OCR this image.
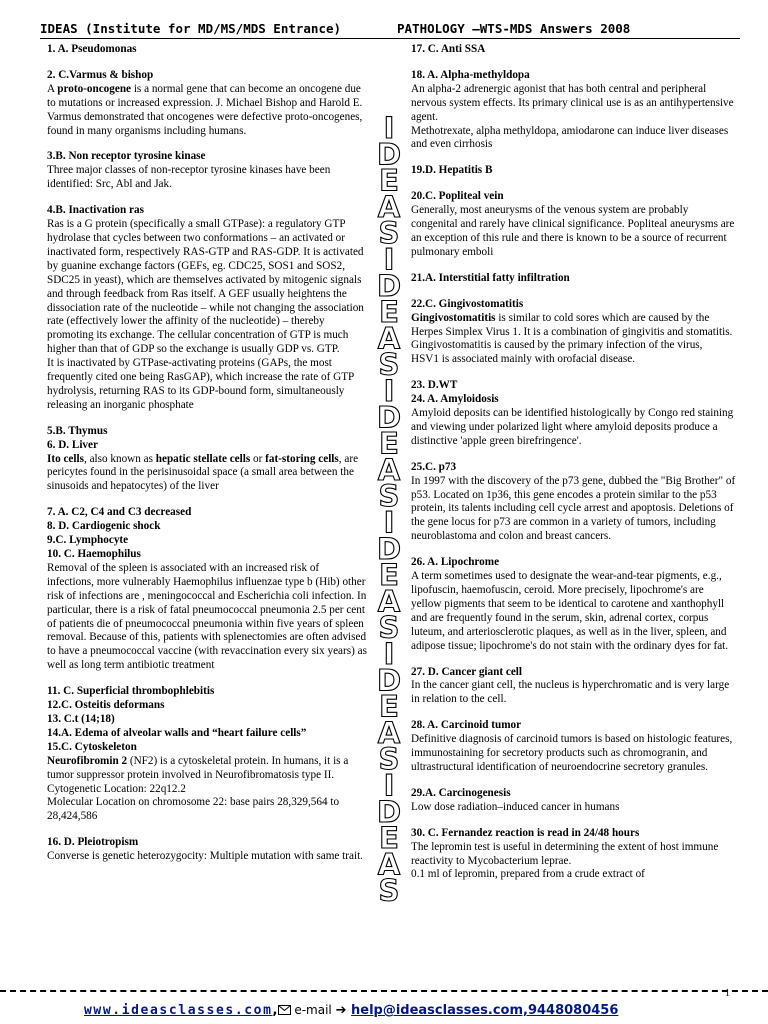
IDEAS (Institute for MD/MS/MDS Entrance)	PATHOLOGY –WTS-MDS Answers 2008
1. A. Pseudomonas
2. C.Varmus & bishop
A proto-oncogene is a normal gene that can become an oncogene due to mutations or increased expression. J. Michael Bishop and Harold E. Varmus demonstrated that oncogenes were defective proto-oncogenes, found in many organisms including humans.
3.B. Non receptor tyrosine kinase
Three major classes of non-receptor tyrosine kinases have been identified: Src, Abl and Jak.
4.B. Inactivation ras
Ras is a G protein (specifically a small GTPase): a regulatory GTP hydrolase that cycles between two conformations – an activated or inactivated form, respectively RAS-GTP and RAS-GDP. It is activated by guanine exchange factors (GEFs, eg. CDC25, SOS1 and SOS2, SDC25 in yeast), which are themselves activated by mitogenic signals and through feedback from Ras itself. A GEF usually heightens the dissociation rate of the nucleotide – while not changing the association rate (effectively lower the affinity of the nucleotide) – thereby promoting its exchange. The cellular concentration of GTP is much higher than that of GDP so the exchange is usually GDP vs. GTP.
It is inactivated by GTPase-activating proteins (GAPs, the most frequently cited one being RasGAP), which increase the rate of GTP hydrolysis, returning RAS to its GDP-bound form, simultaneously releasing an inorganic phosphate
5.B. Thymus
6. D. Liver
Ito cells, also known as hepatic stellate cells or fat-storing cells, are pericytes found in the perisinusoidal space (a small area between the sinusoids and hepatocytes) of the liver
7. A. C2, C4 and C3 decreased
8. D. Cardiogenic shock
9.C. Lymphocyte
10. C. Haemophilus
Removal of the spleen is associated with an increased risk of infections, more vulnerably Haemophilus influenzae type b (Hib) other risk of infections are , meningococcal and Escherichia coli infection. In particular, there is a risk of fatal pneumococcal pneumonia 2.5 per cent of patients die of pneumococcal pneumonia within five years of spleen removal. Because of this, patients with splenectomies are often advised to have a pneumococcal vaccine (with revaccination every six years) as well as long term antibiotic treatment
11. C. Superficial thrombophlebitis
12.C. Osteitis deformans
13. C.t (14;18)
14.A. Edema of alveolar walls and “heart failure cells”
15.C. Cytoskeleton
Neurofibromin 2 (NF2) is a cytoskeletal protein. In humans, it is a tumor suppressor protein involved in Neurofibromatosis type II.
Cytogenetic Location: 22q12.2
Molecular Location on chromosome 22: base pairs 28,329,564 to 28,424,586
16. D. Pleiotropism
Converse is genetic heterozygocity: Multiple mutation with same trait.
I
D
E
A
S
I
D
E
A
S
I
D
E
A
S
I
D
E
A
S
I
D
E
A
S
I
D
E
A
S
17. C. Anti SSA
18. A. Alpha-methyldopa
An alpha-2 adrenergic agonist that has both central and peripheral nervous system effects. Its primary clinical use is as an antihypertensive agent.
Methotrexate, alpha methyldopa, amiodarone can induce liver diseases and even cirrhosis
19.D. Hepatitis B
20.C. Popliteal vein
Generally, most aneurysms of the venous system are probably congenital and rarely have clinical significance. Popliteal aneurysms are an exception of this rule and there is known to be a source of recurrent pulmonary emboli
21.A. Interstitial fatty infiltration
22.C. Gingivostomatitis
Gingivostomatitis is similar to cold sores which are caused by the Herpes Simplex Virus 1. It is a combination of gingivitis and stomatitis. Gingivostomatitis is caused by the primary infection of the virus,
HSV1 is associated mainly with orofacial disease.
23. D.WT
24. A. Amyloidosis
Amyloid deposits can be identified histologically by Congo red staining and viewing under polarized light where amyloid deposits produce a distinctive 'apple green birefringence'.
25.C. p73
In 1997 with the discovery of the p73 gene, dubbed the "Big Brother" of p53. Located on 1p36, this gene encodes a protein similar to the p53 protein, its talents including cell cycle arrest and apoptosis. Deletions of the gene locus for p73 are common in a variety of tumors, including neuroblastoma and colon and breast cancers.
26. A. Lipochrome
A term sometimes used to designate the wear-and-tear pigments, e.g., lipofuscin, haemofuscin, ceroid. More precisely, lipochrome's are yellow pigments that seem to be identical to carotene and xanthophyll and are frequently found in the serum, skin, adrenal cortex, corpus luteum, and arteriosclerotic plaques, as well as in the liver, spleen, and adipose tissue; lipochrome's do not stain with the ordinary dyes for fat.
27. D. Cancer giant cell
In the cancer giant cell, the nucleus is hyperchromatic and is very large in relation to the cell.
28. A. Carcinoid tumor
Definitive diagnosis of carcinoid tumors is based on histologic features, immunostaining for secretory products such as chromogranin, and ultrastructural identification of neuroendocrine secretory granules.
29.A. Carcinogenesis
Low dose radiation–induced cancer in humans
30. C. Fernandez reaction is read in 24/48 hours
The lepromin test is useful in determining the extent of host immune reactivity to Mycobacterium leprae.
0.1 ml of lepromin, prepared from a crude extract of
1
www.ideasclasses.com, e-mail ➔ help@ideasclasses.com,9448080456
